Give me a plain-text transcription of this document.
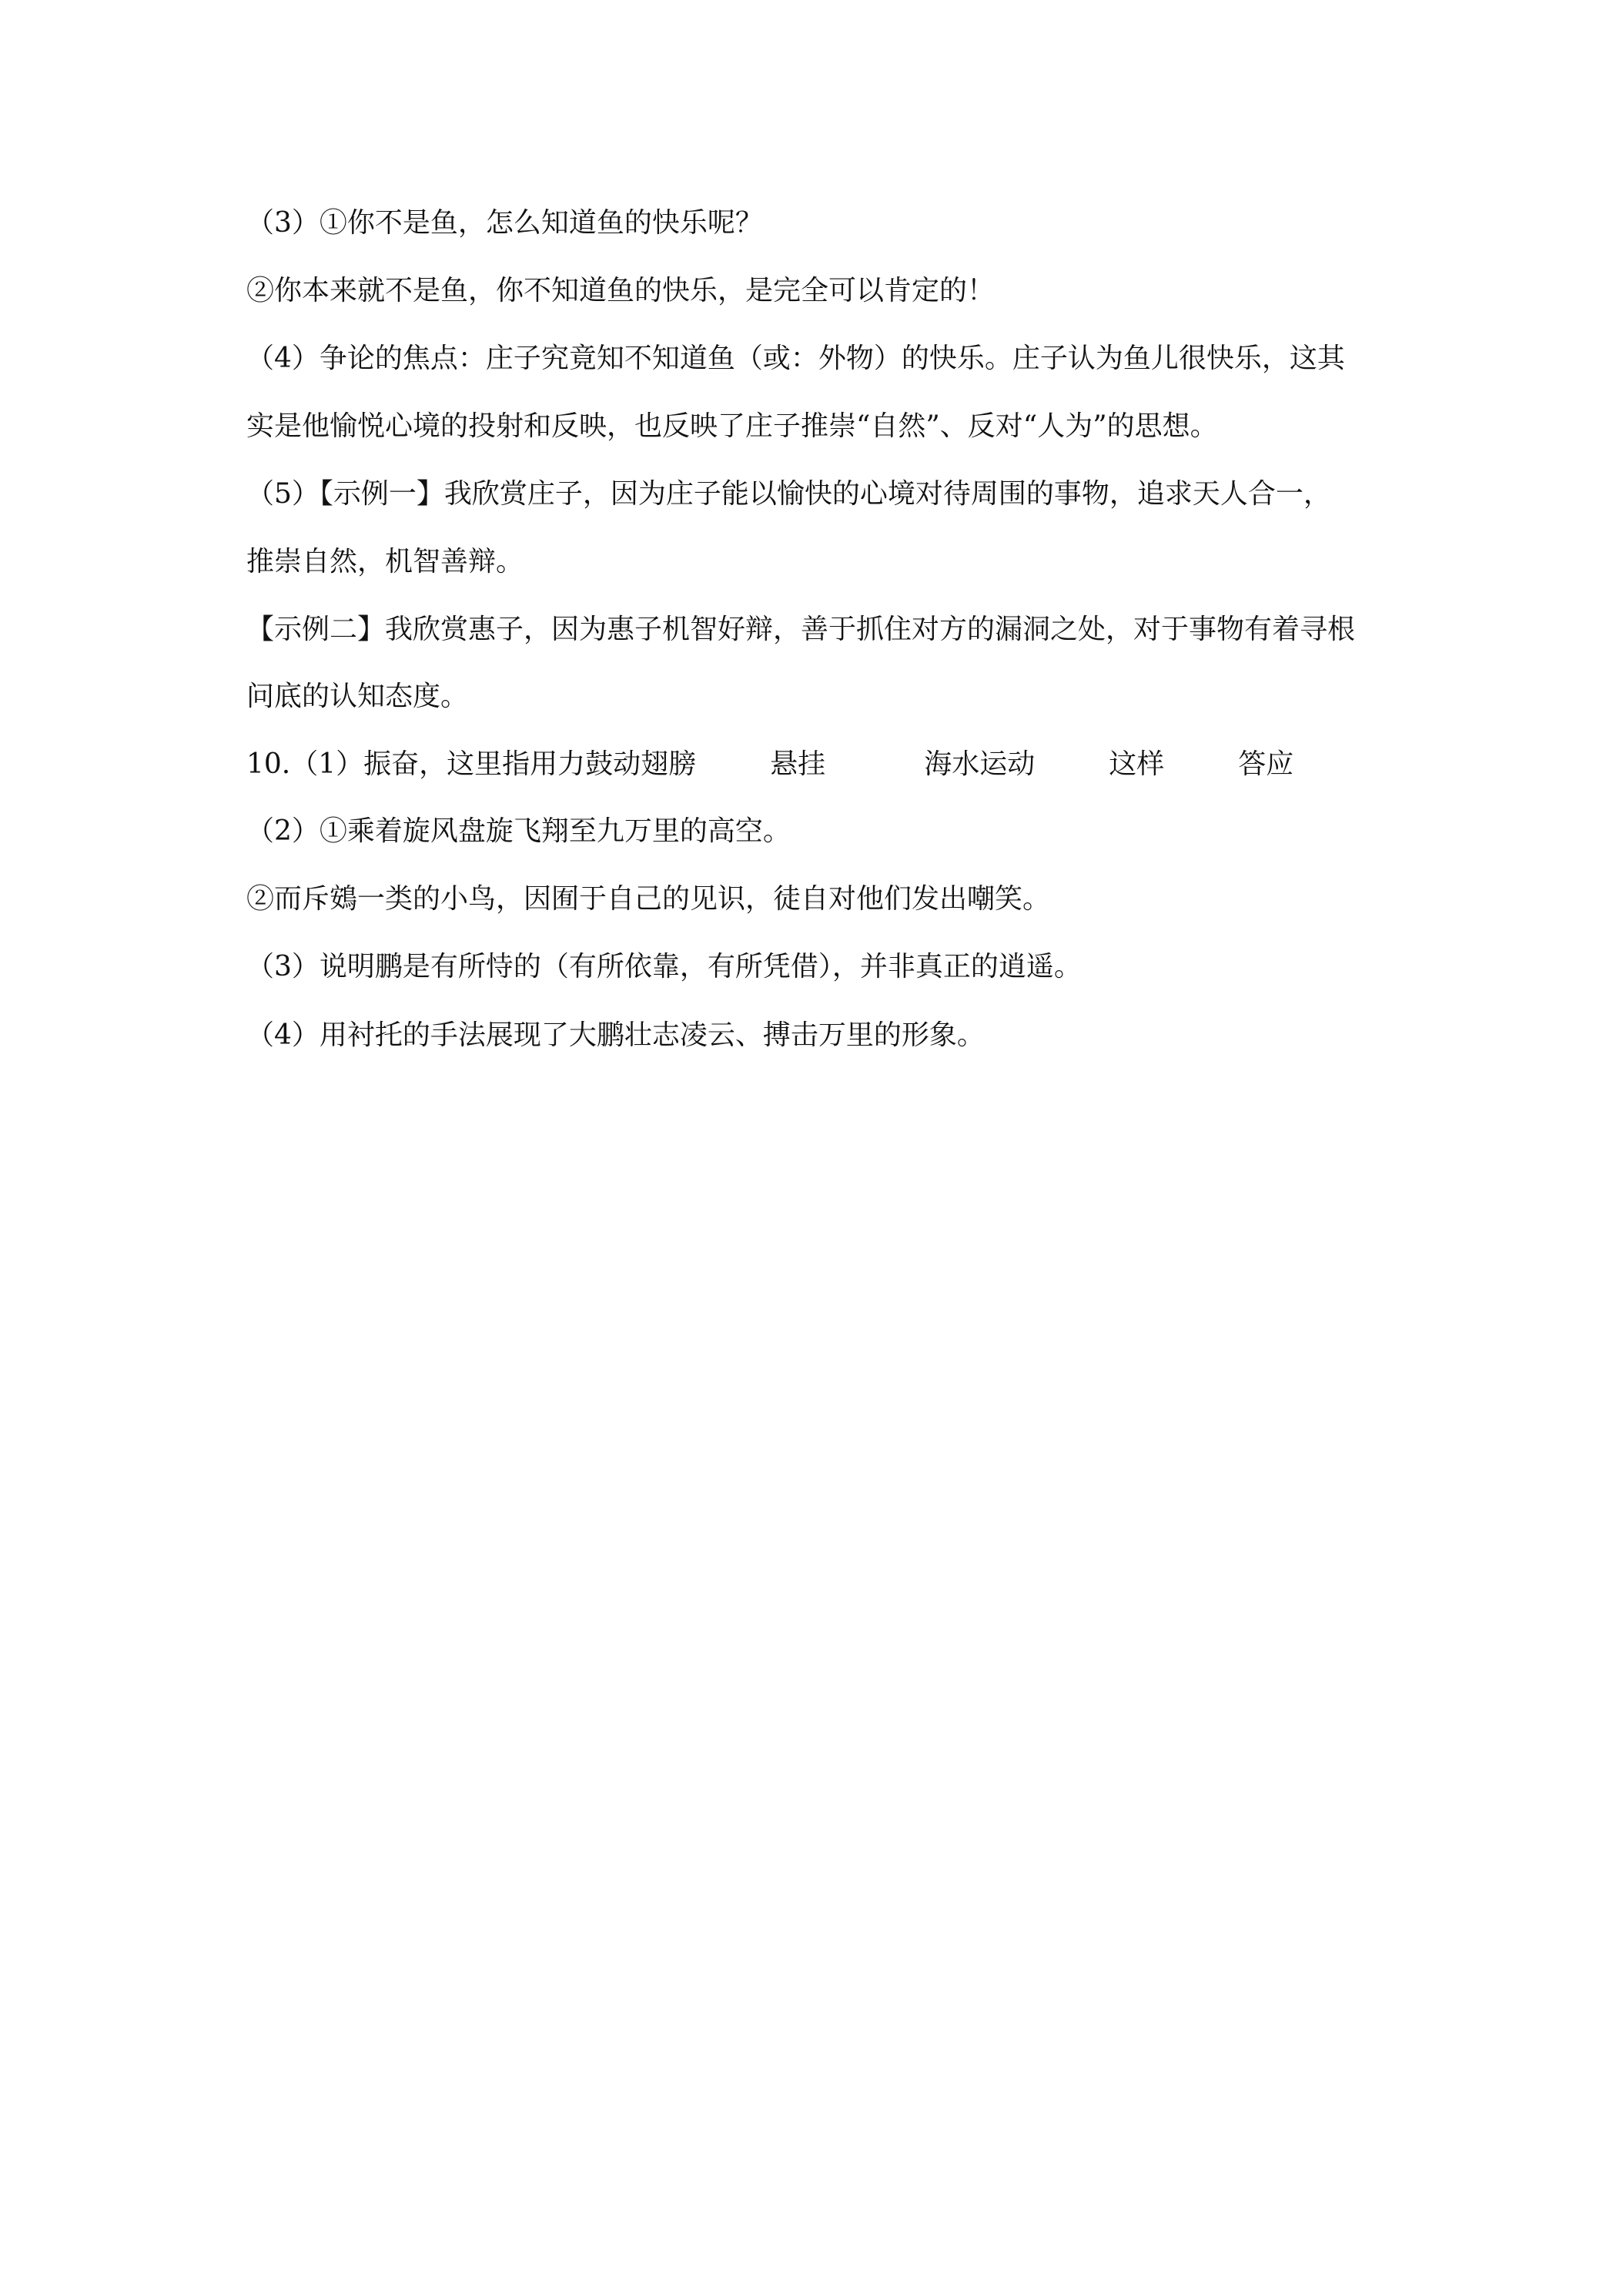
（3）①你不是鱼，怎么知道鱼的快乐呢？

②你本来就不是鱼，你不知道鱼的快乐，是完全可以肯定的！

（4）争论的焦点：庄子究竟知不知道鱼（或：外物）的快乐。庄子认为鱼儿很快乐，这其

实是他愉悦心境的投射和反映，也反映了庄子推崇“自然”、反对“人为”的思想。

（5）【示例一】我欣赏庄子，因为庄子能以愉快的心境对待周围的事物，追求天人合一，

推崇自然，机智善辩。

【示例二】我欣赏惠子，因为惠子机智好辩，善于抓住对方的漏洞之处，对于事物有着寻根

问底的认知态度。

10.（1）振奋，这里指用力鼓动翅膀	悬挂	海水运动	这样	答应

（2）①乘着旋风盘旋飞翔至九万里的高空。

②而斥鴳一类的小鸟，因囿于自己的见识，徒自对他们发出嘲笑。

（3）说明鹏是有所恃的（有所依靠，有所凭借），并非真正的逍遥。

（4）用衬托的手法展现了大鹏壮志凌云、搏击万里的形象。
